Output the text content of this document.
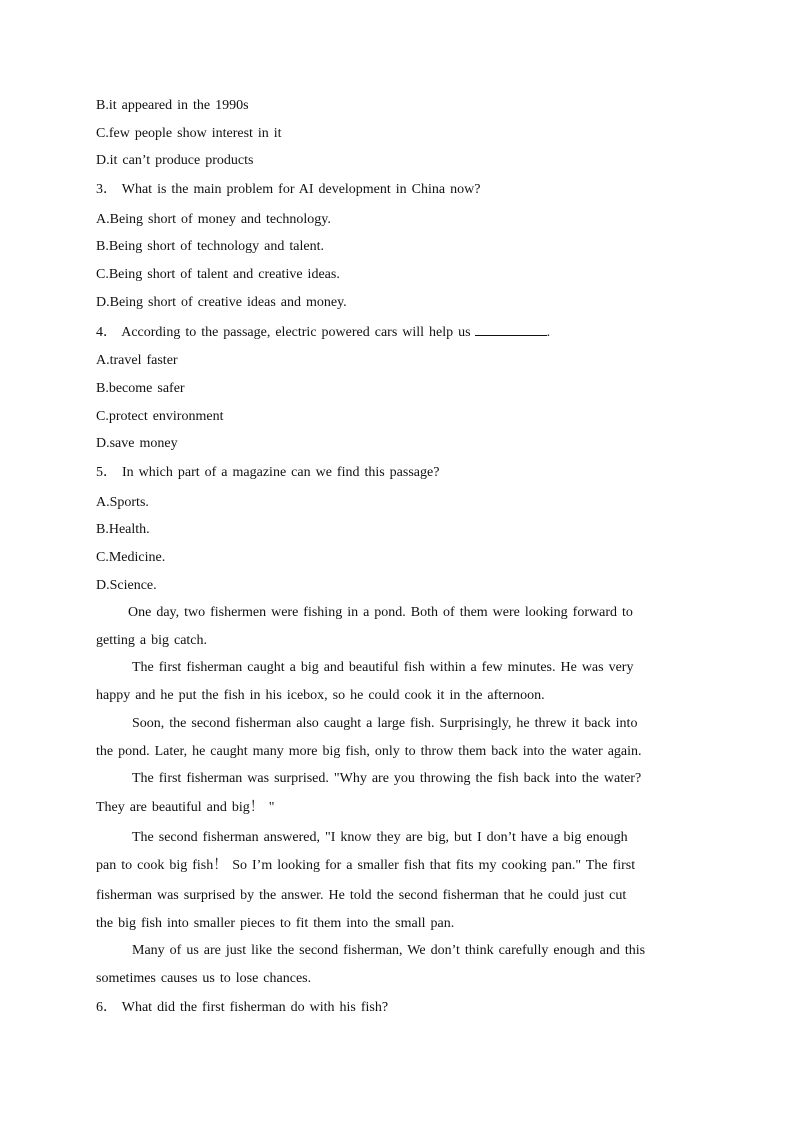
B.it appeared in the 1990s
C.few people show interest in it
D.it can’t produce products
3． What is the main problem for AI development in China now?
A.Being short of money and technology.
B.Being short of technology and talent.
C.Being short of talent and creative ideas.
D.Being short of creative ideas and money.
4． According to the passage, electric powered cars will help us	.
A.travel faster
B.become safer
C.protect environment
D.save money
5． In which part of a magazine can we find this passage?
A.Sports.
B.Health.
C.Medicine.
D.Science.
One day, two fishermen were fishing in a pond. Both of them were looking forward to
getting a big catch.
The first fisherman caught a big and beautiful fish within a few minutes. He was very
happy and he put the fish in his icebox, so he could cook it in the afternoon.
Soon, the second fisherman also caught a large fish. Surprisingly, he threw it back into
the pond. Later, he caught many more big fish, only to throw them back into the water again.
The first fisherman was surprised. "Why are you throwing the fish back into the water?
They are beautiful and big！ "
The second fisherman answered, "I know they are big, but I don’t have a big enough
pan to cook big fish！ So I’m looking for a smaller fish that fits my cooking pan." The first
fisherman was surprised by the answer. He told the second fisherman that he could just cut
the big fish into smaller pieces to fit them into the small pan.
Many of us are just like the second fisherman, We don’t think carefully enough and this
sometimes causes us to lose chances.
6． What did the first fisherman do with his fish?
